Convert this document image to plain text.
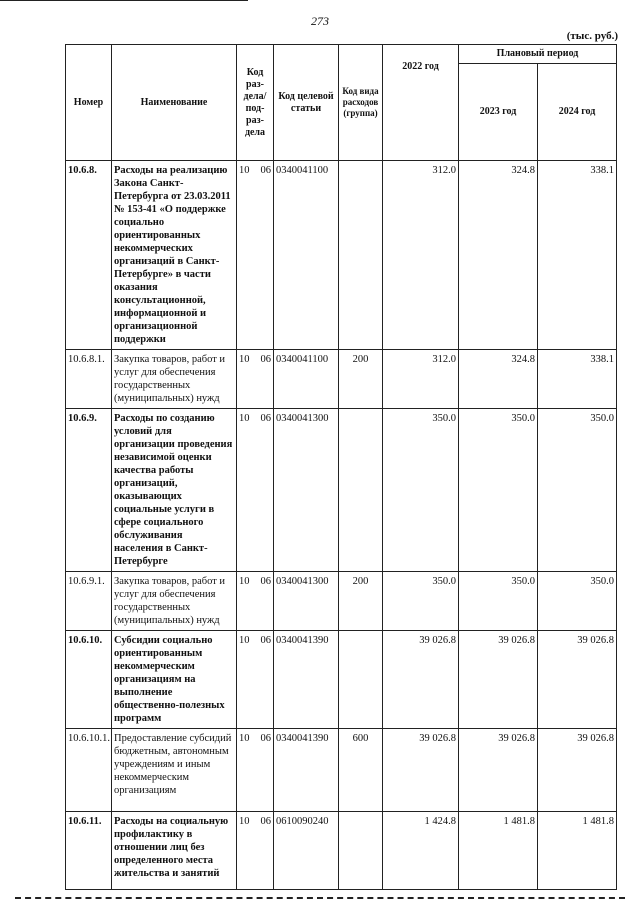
273
(тыс. руб.)
Номер	Наименование	Код раз-дела/ под-раз-дела	Код целевой статьи	Код вида расходов (группа)	2022 год	Плановый период	
						2023 год	2024 год
10.6.8.	Расходы на реализацию Закона Санкт-Петербурга от 23.03.2011 № 153-41 «О поддержке социально ориентированных некоммерческих организаций в Санкт-Петербурге» в части оказания консультационной, информационной и организационной поддержки	10 06	0340041100		312.0	324.8	338.1
10.6.8.1.	Закупка товаров, работ и услуг для обеспечения государственных (муниципальных) нужд	10 06	0340041100	200	312.0	324.8	338.1
10.6.9.	Расходы по созданию условий для организации проведения независимой оценки качества работы организаций, оказывающих социальные услуги в сфере социального обслуживания населения в Санкт-Петербурге	10 06	0340041300		350.0	350.0	350.0
10.6.9.1.	Закупка товаров, работ и услуг для обеспечения государственных (муниципальных) нужд	10 06	0340041300	200	350.0	350.0	350.0
10.6.10.	Субсидии социально ориентированным некоммерческим организациям на выполнение общественно-полезных программ	10 06	0340041390		39 026.8	39 026.8	39 026.8
10.6.10.1.	Предоставление субсидий бюджетным, автономным учреждениям и иным некоммерческим организациям	10 06	0340041390	600	39 026.8	39 026.8	39 026.8
10.6.11.	Расходы на социальную профилактику в отношении лиц без определенного места жительства и занятий	10 06	0610090240		1 424.8	1 481.8	1 481.8
